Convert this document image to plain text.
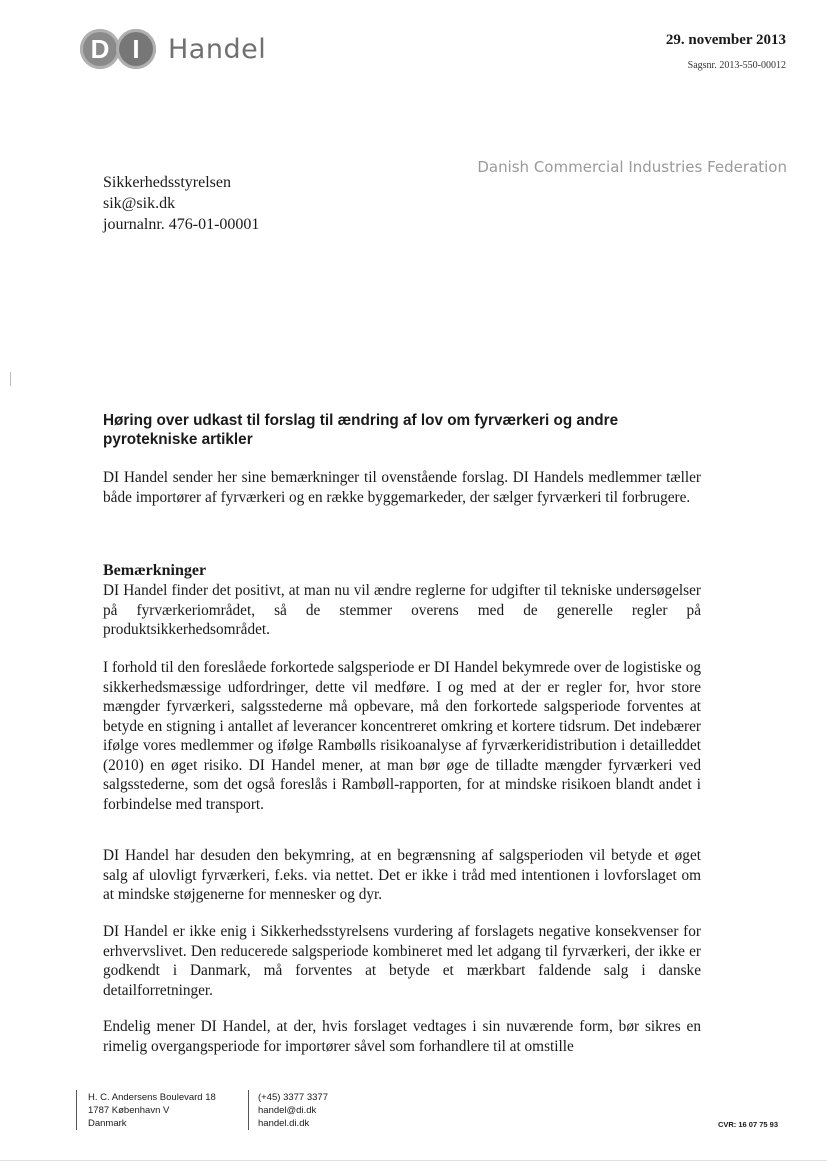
D I	Handel	29. november 2013
Sagsnr. 2013-550-00012
Danish Commercial Industries Federation
Sikkerhedsstyrelsen
sik@sik.dk
journalnr. 476-01-00001
Høring over udkast til forslag til ændring af lov om fyrværkeri og andre pyrotekniske artikler

DI Handel sender her sine bemærkninger til ovenstående forslag. DI Handels medlemmer tæller både importører af fyrværkeri og en række byggemarkeder, der sælger fyrværkeri til forbrugere.

Bemærkninger

DI Handel finder det positivt, at man nu vil ændre reglerne for udgifter til tekniske undersøgelser på fyrværkeriområdet, så de stemmer overens med de generelle regler på produktsikkerhedsområdet.

I forhold til den foreslåede forkortede salgsperiode er DI Handel bekymrede over de logistiske og sikkerhedsmæssige udfordringer, dette vil medføre. I og med at der er regler for, hvor store mængder fyrværkeri, salgsstederne må opbevare, må den forkortede salgsperiode forventes at betyde en stigning i antallet af leverancer koncentreret omkring et kortere tidsrum. Det indebærer ifølge vores medlemmer og ifølge Rambølls risikoanalyse af fyrværkeridistribution i detailleddet (2010) en øget risiko. DI Handel mener, at man bør øge de tilladte mængder fyrværkeri ved salgsstederne, som det også foreslås i Rambøll-rapporten, for at mindske risikoen blandt andet i forbindelse med transport.

DI Handel har desuden den bekymring, at en begrænsning af salgsperioden vil betyde et øget salg af ulovligt fyrværkeri, f.eks. via nettet. Det er ikke i tråd med intentionen i lovforslaget om at mindske støjgenerne for mennesker og dyr.

DI Handel er ikke enig i Sikkerhedsstyrelsens vurdering af forslagets negative konsekvenser for erhvervslivet. Den reducerede salgsperiode kombineret med let adgang til fyrværkeri, der ikke er godkendt i Danmark, må forventes at betyde et mærkbart faldende salg i danske detailforretninger.

Endelig mener DI Handel, at der, hvis forslaget vedtages i sin nuværende form, bør sikres en rimelig overgangsperiode for importører såvel som forhandlere til at omstille

H. C. Andersens Boulevard 18
1787 København V
Danmark
(+45) 3377 3377
handel@di.dk
handel.di.dk	CVR: 16 07 75 93
